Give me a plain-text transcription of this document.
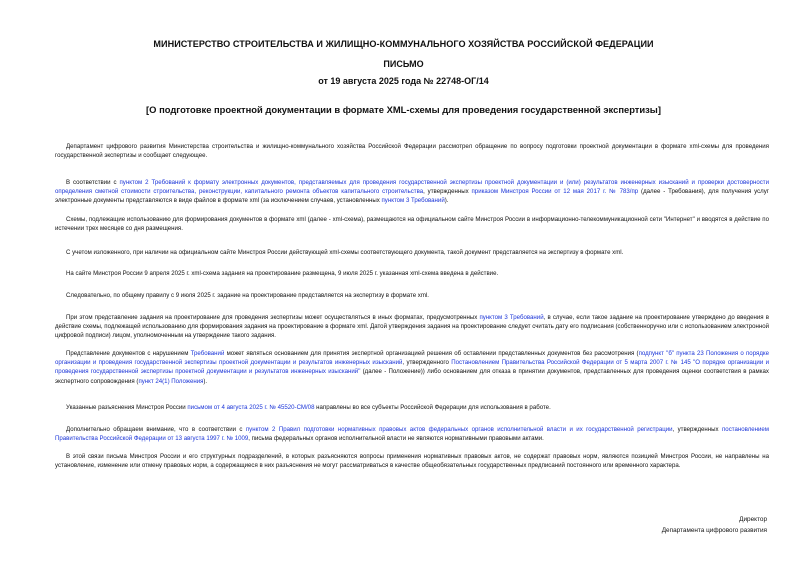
МИНИСТЕРСТВО СТРОИТЕЛЬСТВА И ЖИЛИЩНО-КОММУНАЛЬНОГО ХОЗЯЙСТВА РОССИЙСКОЙ ФЕДЕРАЦИИ
ПИСЬМО
от 19 августа 2025 года № 22748-ОГ/14
[О подготовке проектной документации в формате XML-схемы для проведения государственной экспертизы]

Департамент цифрового развития Министерства строительства и жилищно-коммунального хозяйства Российской Федерации рассмотрел обращение по вопросу подготовки проектной документации в формате xml-схемы для проведения государственной экспертизы и сообщает следующее.

В соответствии с пунктом 2 Требований к формату электронных документов, представляемых для проведения государственной экспертизы проектной документации и (или) результатов инженерных изысканий и проверки достоверности определения сметной стоимости строительства, реконструкции, капитального ремонта объектов капитального строительства, утвержденных приказом Минстроя России от 12 мая 2017 г. № 783/пр (далее - Требования), для получения услуг электронные документы представляются в виде файлов в формате xml (за исключением случаев, установленных пунктом 3 Требований).

Схемы, подлежащие использованию для формирования документов в формате xml (далее - xml-схема), размещаются на официальном сайте Минстроя России в информационно-телекоммуникационной сети "Интернет" и вводятся в действие по истечении трех месяцев со дня размещения.

С учетом изложенного, при наличии на официальном сайте Минстроя России действующей xml-схемы соответствующего документа, такой документ представляется на экспертизу в формате xml.

На сайте Минстроя России 9 апреля 2025 г. xml-схема задания на проектирование размещена, 9 июля 2025 г. указанная xml-схема введена в действие.

Следовательно, по общему правилу с 9 июля 2025 г. задание на проектирование представляется на экспертизу в формате xml.

При этом представление задания на проектирование для проведения экспертизы может осуществляться в иных форматах, предусмотренных пунктом 3 Требований, в случае, если такое задание на проектирование утверждено до введения в действие схемы, подлежащей использованию для формирования задания на проектирование в формате xml. Датой утверждения задания на проектирование следует считать дату его подписания (собственноручно или с использованием электронной цифровой подписи) лицом, уполномоченным на утверждение такого задания.

Представление документов с нарушением Требований может являться основанием для принятия экспертной организацией решения об оставлении представленных документов без рассмотрения (подпункт "б" пункта 23 Положения о порядке организации и проведения государственной экспертизы проектной документации и результатов инженерных изысканий, утвержденного Постановлением Правительства Российской Федерации от 5 марта 2007 г. № 145 "О порядке организации и проведения государственной экспертизы проектной документации и результатов инженерных изысканий" (далее - Положение)) либо основанием для отказа в принятии документов, представленных для проведения оценки соответствия в рамках экспертного сопровождения (пункт 24(1) Положения).

Указанные разъяснения Минстроя России письмом от 4 августа 2025 г. № 45520-СМ/08 направлены во все субъекты Российской Федерации для использования в работе.

Дополнительно обращаем внимание, что в соответствии с пунктом 2 Правил подготовки нормативных правовых актов федеральных органов исполнительной власти и их государственной регистрации, утвержденных постановлением Правительства Российской Федерации от 13 августа 1997 г. № 1009, письма федеральных органов исполнительной власти не являются нормативными правовыми актами.

В этой связи письма Минстроя России и его структурных подразделений, в которых разъясняются вопросы применения нормативных правовых актов, не содержат правовых норм, являются позицией Минстроя России, не направлены на установление, изменение или отмену правовых норм, а содержащиеся в них разъяснения не могут рассматриваться в качестве общеобязательных государственных предписаний постоянного или временного характера.

Директор
Департамента цифрового развития
